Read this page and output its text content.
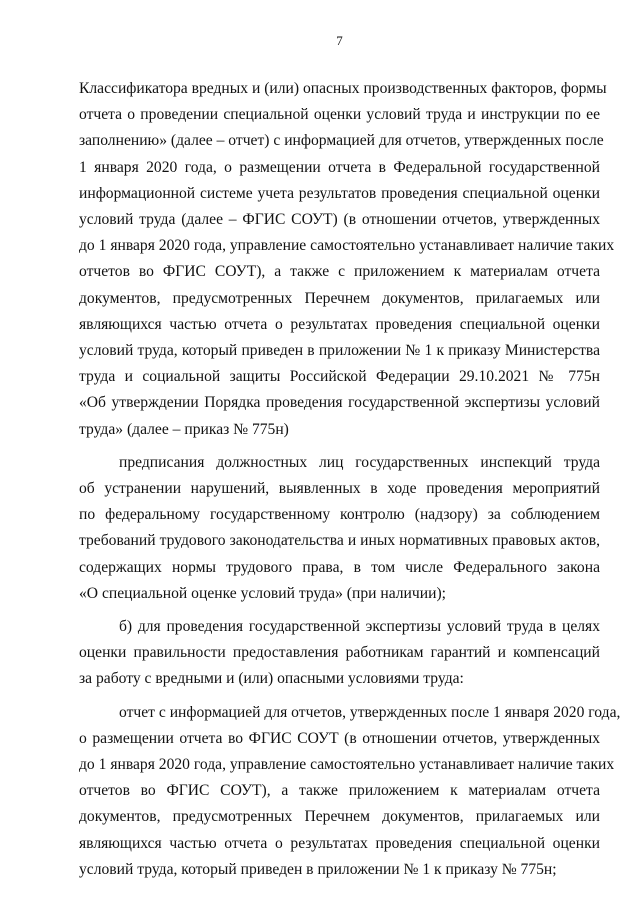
7
Классификатора вредных и (или) опасных производственных факторов, формы
отчета о проведении специальной оценки условий труда и инструкции по ее
заполнению» (далее – отчет) с информацией для отчетов, утвержденных после
1 января 2020 года, о размещении отчета в Федеральной государственной
информационной системе учета результатов проведения специальной оценки
условий труда (далее – ФГИС СОУТ) (в отношении отчетов, утвержденных
до 1 января 2020 года, управление самостоятельно устанавливает наличие таких
отчетов во ФГИС СОУТ), а также с приложением к материалам отчета
документов, предусмотренных Перечнем документов, прилагаемых или
являющихся частью отчета о результатах проведения специальной оценки
условий труда, который приведен в приложении № 1 к приказу Министерства
труда и социальной защиты Российской Федерации 29.10.2021 № 775н
«Об утверждении Порядка проведения государственной экспертизы условий
труда» (далее – приказ № 775н)
предписания должностных лиц государственных инспекций труда
об устранении нарушений, выявленных в ходе проведения мероприятий
по федеральному государственному контролю (надзору) за соблюдением
требований трудового законодательства и иных нормативных правовых актов,
содержащих нормы трудового права, в том числе Федерального закона
«О специальной оценке условий труда» (при наличии);
б) для проведения государственной экспертизы условий труда в целях
оценки правильности предоставления работникам гарантий и компенсаций
за работу с вредными и (или) опасными условиями труда:
отчет с информацией для отчетов, утвержденных после 1 января 2020 года,
о размещении отчета во ФГИС СОУТ (в отношении отчетов, утвержденных
до 1 января 2020 года, управление самостоятельно устанавливает наличие таких
отчетов во ФГИС СОУТ), а также приложением к материалам отчета
документов, предусмотренных Перечнем документов, прилагаемых или
являющихся частью отчета о результатах проведения специальной оценки
условий труда, который приведен в приложении № 1 к приказу № 775н;
